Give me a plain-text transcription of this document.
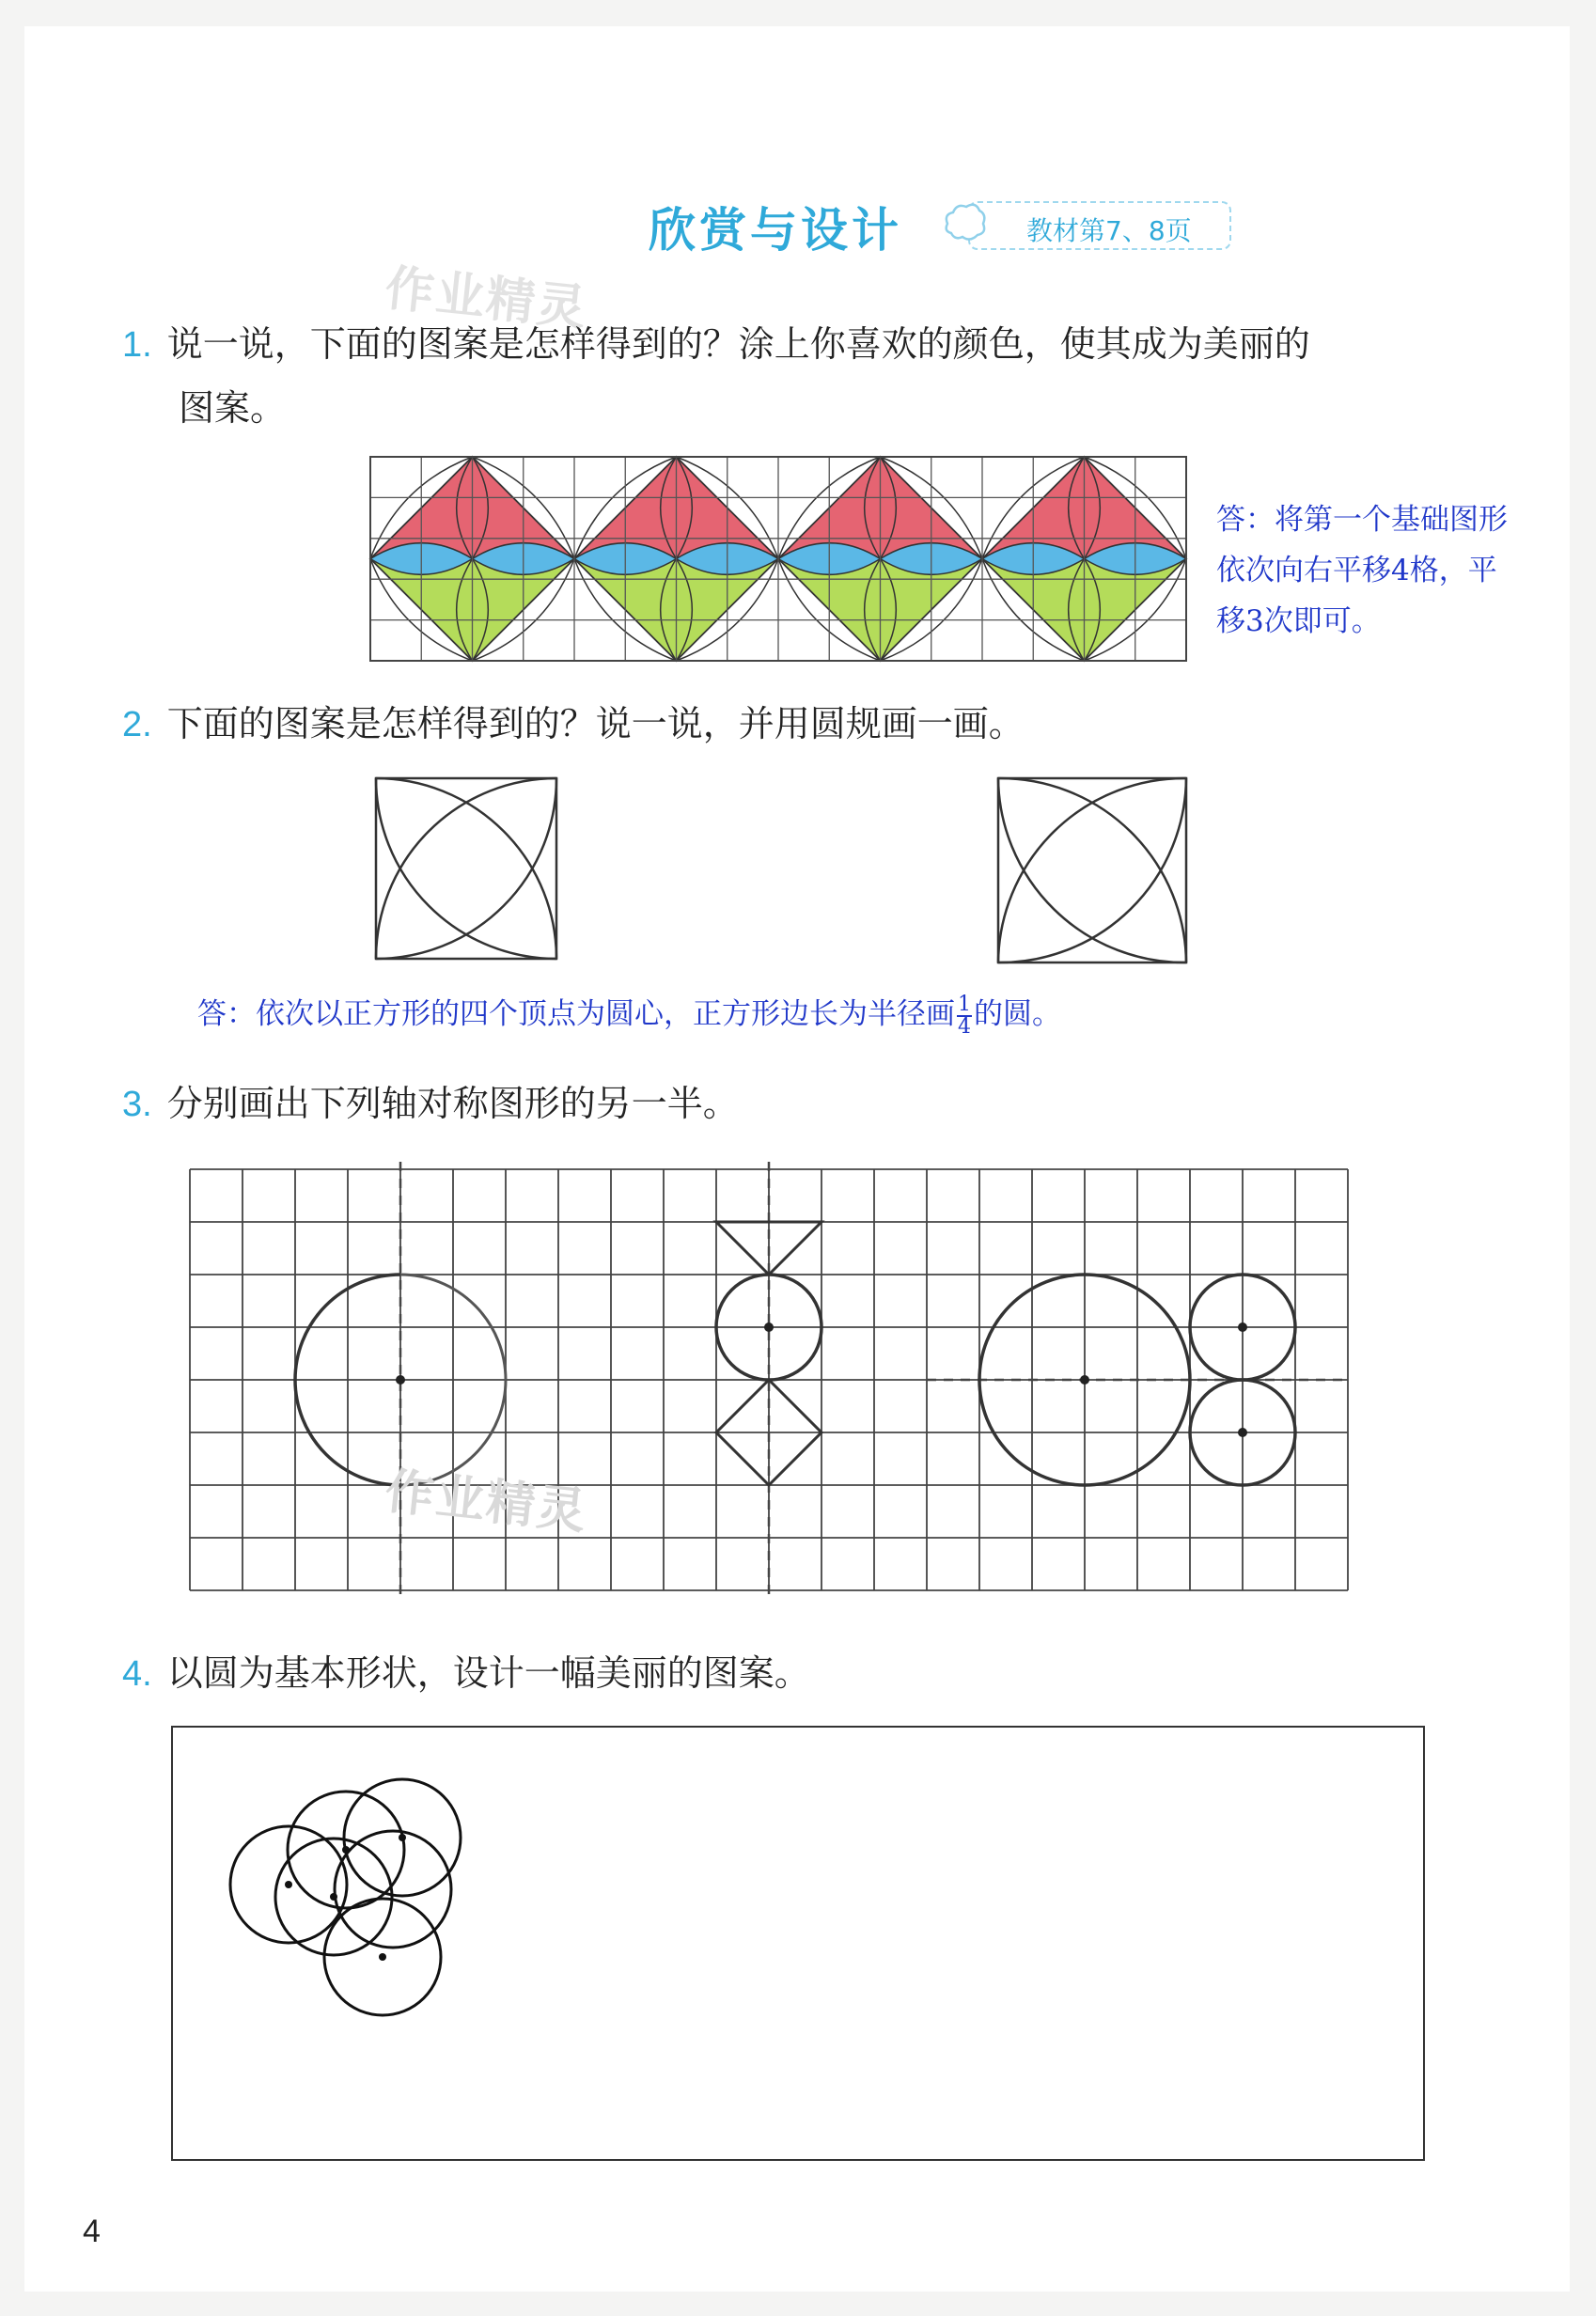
欣赏与设计	教材第7、8页
作业精灵
1. 说一说，下面的图案是怎样得到的？涂上你喜欢的颜色，使其成为美丽的
图案。
答：将第一个基础图形
依次向右平移4格，平
移3次即可。
2. 下面的图案是怎样得到的？说一说，并用圆规画一画。
答：依次以正方形的四个顶点为圆心，正方形边长为半径画 $\frac{1}{4}$ 的圆。
3. 分别画出下列轴对称图形的另一半。
作业精灵
4. 以圆为基本形状，设计一幅美丽的图案。
4
